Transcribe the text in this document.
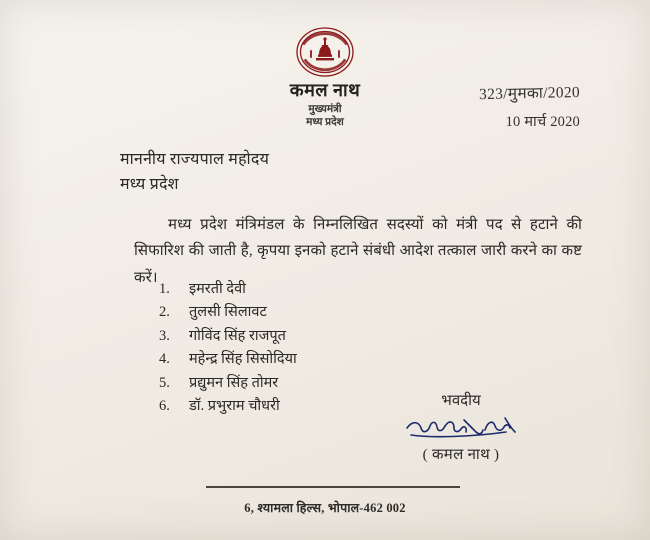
कमल नाथ
मुख्यमंत्री
मध्य प्रदेश
323/मुमका/2020
10 मार्च 2020
माननीय राज्यपाल महोदय
मध्य प्रदेश
मध्य प्रदेश मंत्रिमंडल के निम्नलिखित सदस्यों को मंत्री पद से हटाने की सिफारिश की जाती है, कृपया इनको हटाने संबंधी आदेश तत्काल जारी करने का कष्ट करें।
1.	इमरती देवी
2.	तुलसी सिलावट
3.	गोविंद सिंह राजपूत
4.	महेन्द्र सिंह सिसोदिया
5.	प्रद्युमन सिंह तोमर
6.	डॉ. प्रभुराम चौधरी	भवदीय
( कमल नाथ )
6, श्यामला हिल्स, भोपाल-462 002
